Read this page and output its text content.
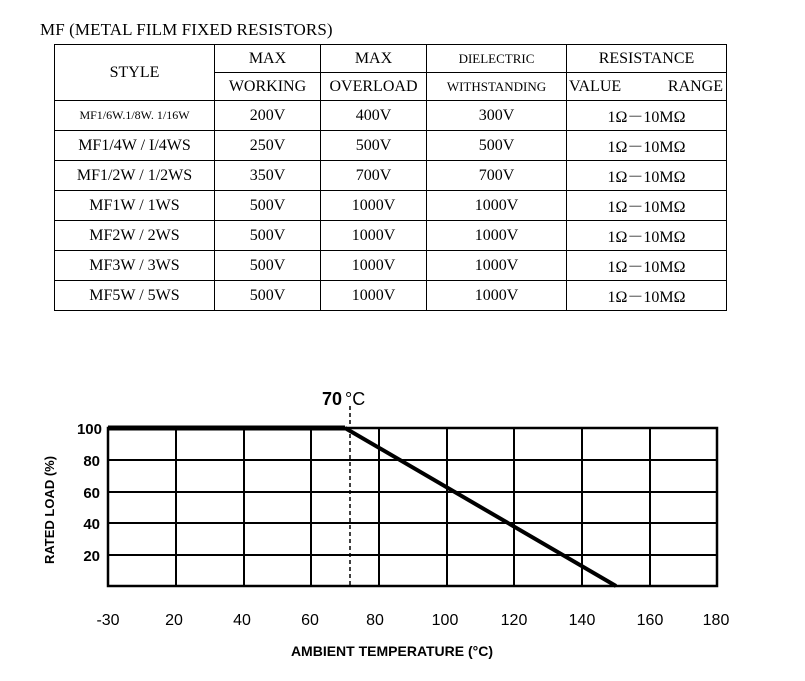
MF (METAL FILM FIXED RESISTORS)
STYLE	MAX	MAX	DIELECTRIC	RESISTANCE
	WORKING	OVERLOAD	WITHSTANDING	VALUE RANGE

MF1/6W.1/8W. 1/16W	200V	400V	300V	1Ω－10MΩ
MF1/4W / I/4WS	250V	500V	500V	1Ω－10MΩ
MF1/2W / 1/2WS	350V	700V	700V	1Ω－10MΩ
MF1W / 1WS	500V	1000V	1000V	1Ω－10MΩ
MF2W / 2WS	500V	1000V	1000V	1Ω－10MΩ
MF3W / 3WS	500V	1000V	1000V	1Ω－10MΩ
MF5W / 5WS	500V	1000V	1000V	1Ω－10MΩ
70 °C
100
80
60
40
20
RATED LOAD (%)
-30	20	40	60	80	100	120	140	160 180
AMBIENT TEMPERATURE (°C)
